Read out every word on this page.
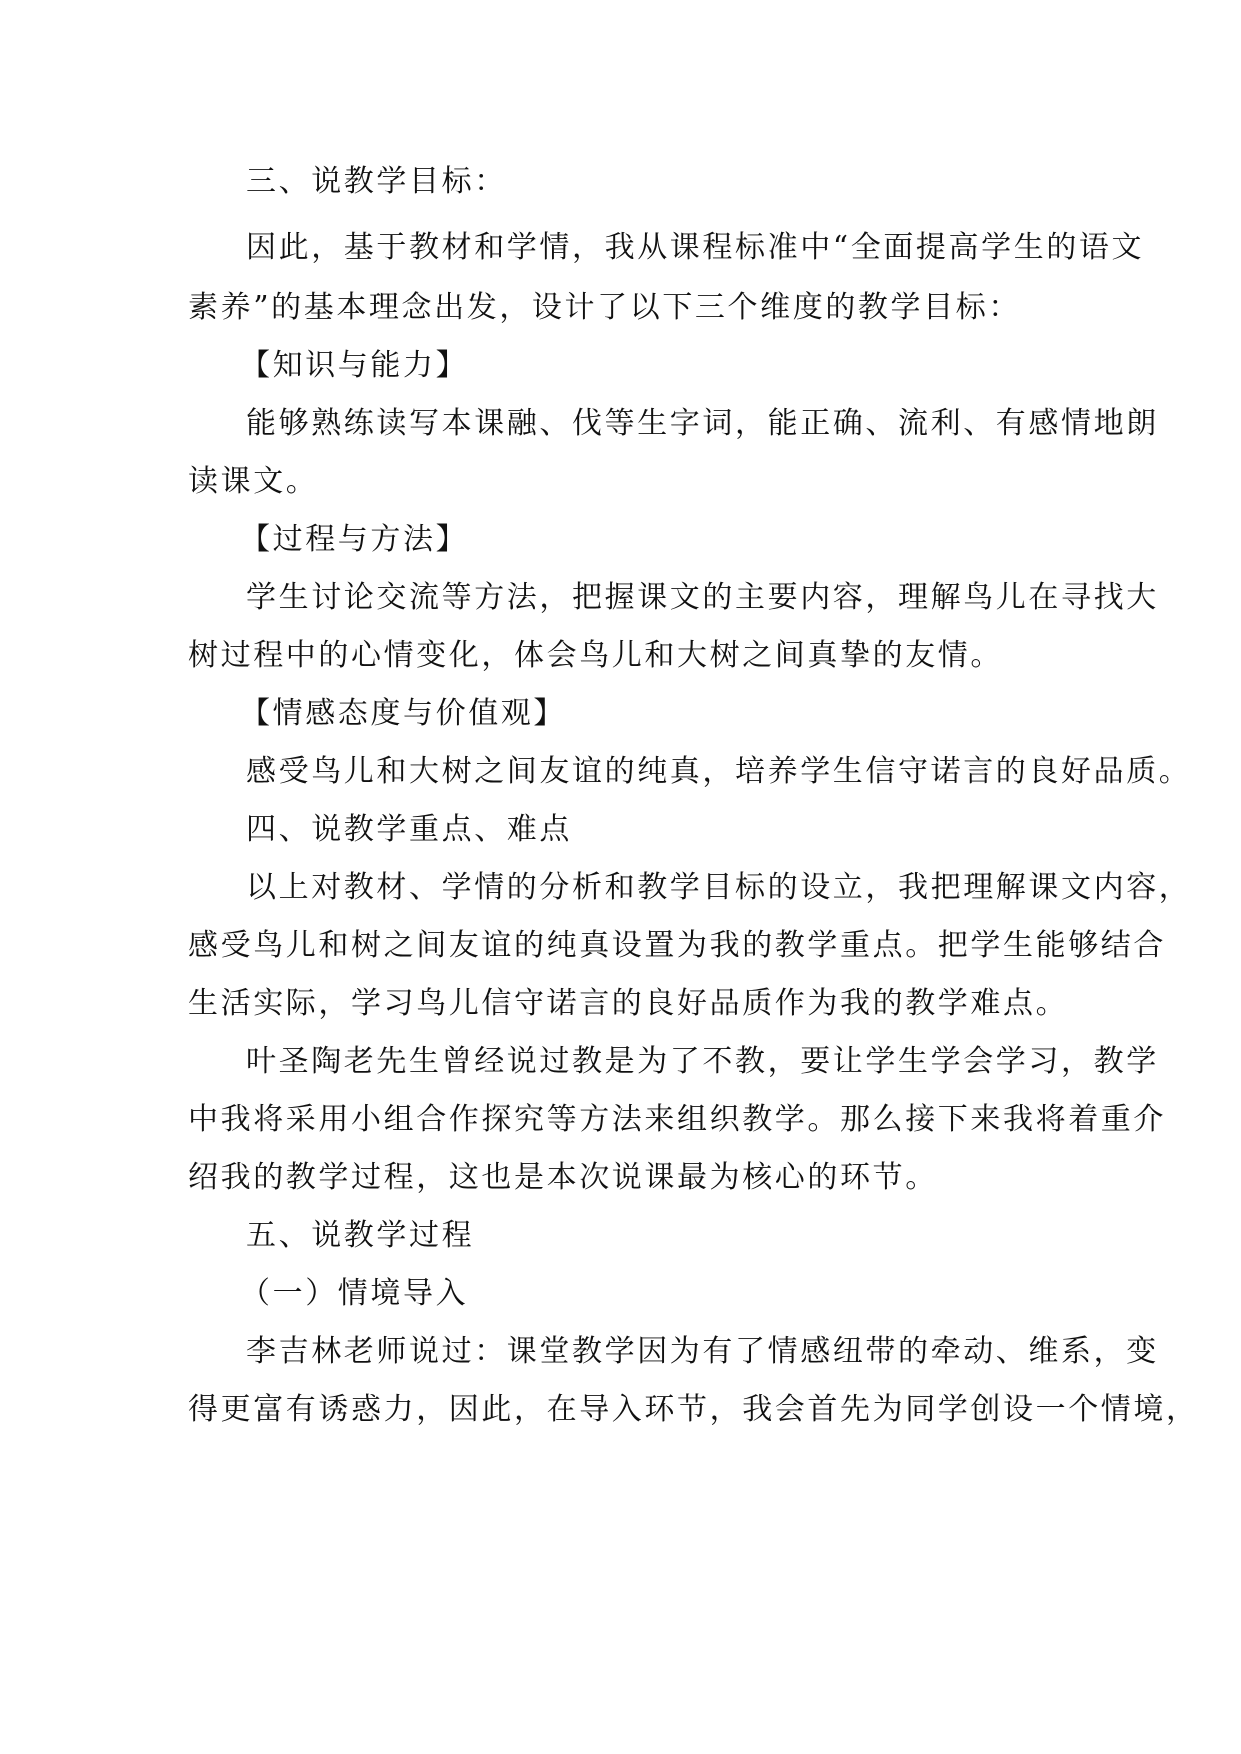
三、说教学目标：
因此，基于教材和学情，我从课程标准中“全面提高学生的语文
素养”的基本理念出发，设计了以下三个维度的教学目标：
【知识与能力】
能够熟练读写本课融、伐等生字词，能正确、流利、有感情地朗
读课文。
【过程与方法】
学生讨论交流等方法，把握课文的主要内容，理解鸟儿在寻找大
树过程中的心情变化，体会鸟儿和大树之间真挚的友情。
【情感态度与价值观】
感受鸟儿和大树之间友谊的纯真，培养学生信守诺言的良好品质。
四、说教学重点、难点
以上对教材、学情的分析和教学目标的设立，我把理解课文内容，
感受鸟儿和树之间友谊的纯真设置为我的教学重点。把学生能够结合
生活实际，学习鸟儿信守诺言的良好品质作为我的教学难点。
叶圣陶老先生曾经说过教是为了不教，要让学生学会学习，教学
中我将采用小组合作探究等方法来组织教学。那么接下来我将着重介
绍我的教学过程，这也是本次说课最为核心的环节。
五、说教学过程
（一）情境导入
李吉林老师说过：课堂教学因为有了情感纽带的牵动、维系，变
得更富有诱惑力，因此，在导入环节，我会首先为同学创设一个情境，
